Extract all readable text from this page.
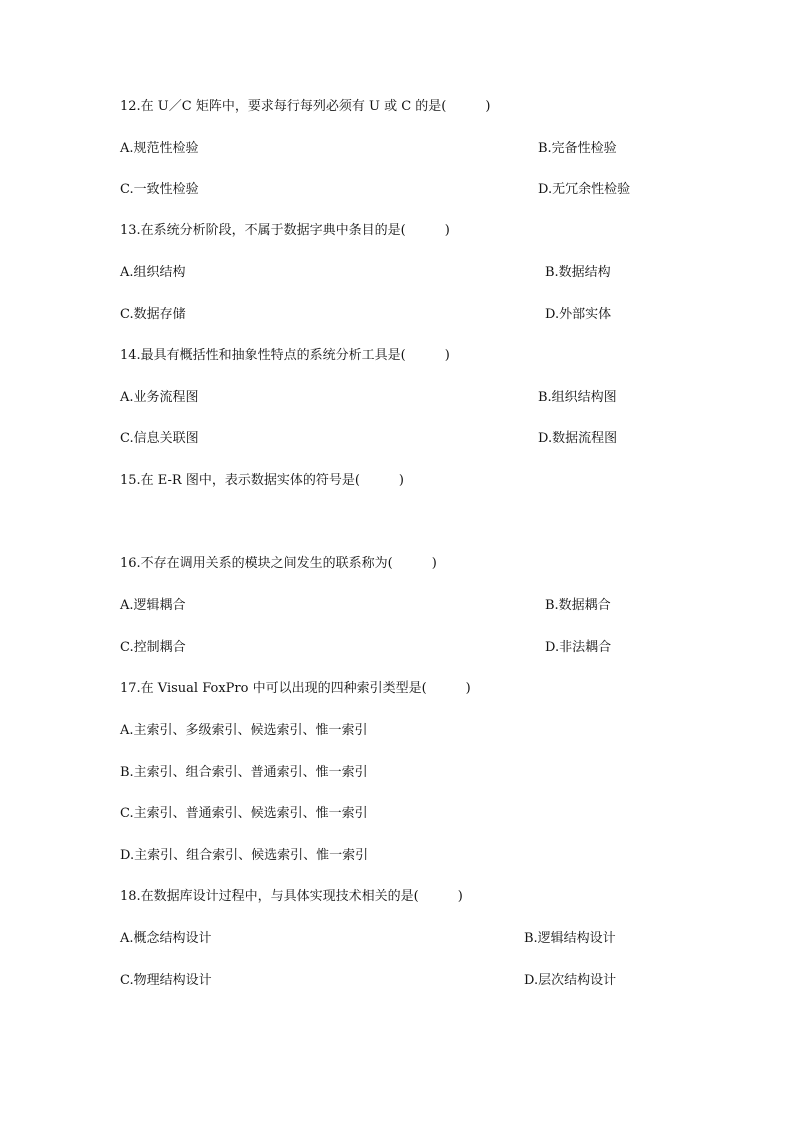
12.在 U／C 矩阵中，要求每行每列必须有 U 或 C 的是(　　　)
A.规范性检验	B.完备性检验
C.一致性检验	D.无冗余性检验
13.在系统分析阶段，不属于数据字典中条目的是(　　　)
A.组织结构	B.数据结构
C.数据存储	D.外部实体
14.最具有概括性和抽象性特点的系统分析工具是(　　　)
A.业务流程图	B.组织结构图
C.信息关联图	D.数据流程图
15.在 E-R 图中，表示数据实体的符号是(　　　)
16.不存在调用关系的模块之间发生的联系称为(　　　)
A.逻辑耦合	B.数据耦合
C.控制耦合	D.非法耦合
17.在 Visual FoxPro 中可以出现的四种索引类型是(　　　)
A.主索引、多级索引、候选索引、惟一索引
B.主索引、组合索引、普通索引、惟一索引
C.主索引、普通索引、候选索引、惟一索引
D.主索引、组合索引、候选索引、惟一索引
18.在数据库设计过程中，与具体实现技术相关的是(　　　)
A.概念结构设计	B.逻辑结构设计
C.物理结构设计	D.层次结构设计
